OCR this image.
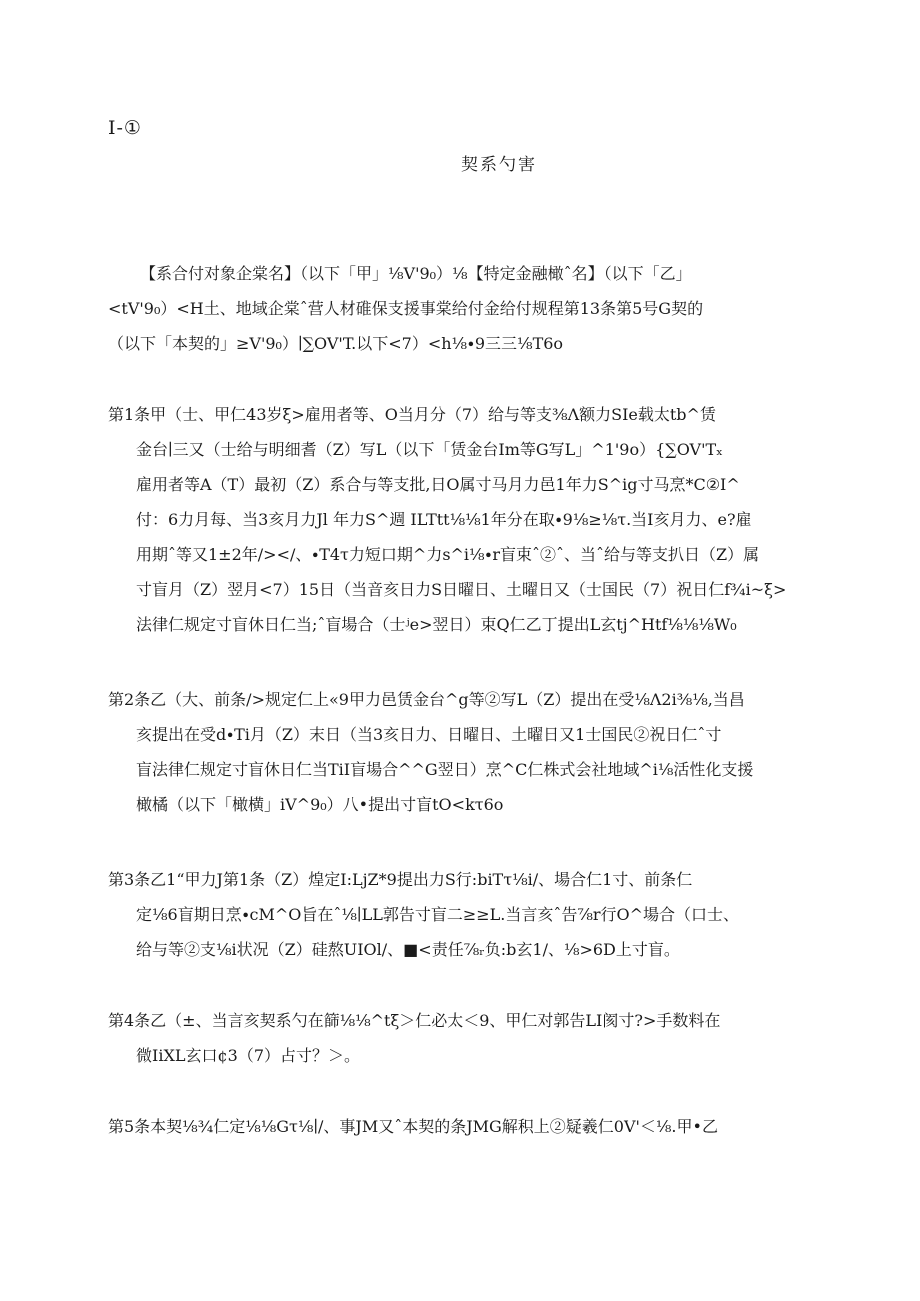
I-①
契系勺害
【系合付对象企棠名】（以下「甲」⅛V'9₀）⅛【特定金融橄ˆ名】（以下「乙」
<tV'9₀）<H土、地域企棠ˆ营人材碓保支援事棠给付金给付规程第13条第5号G契的
（以下「本契的」≥V'9₀）∣∑OV'T.以下<7）<h⅛∙9三三⅛T6o
第1条甲（士、甲仁43岁ξ>雇用者等、O当月分（7）给与等支⅜Λ额力SIe载太tb^赁
金台∣三又（士给与明细耆（Z）写L（以下「赁金台Im等G写L」^1'9o）{∑OV'Tₓ
雇用者等A（T）最初（Z）系合与等支批,日O属寸马月力邑1年力S^ig寸马烹*C②I^
付：6力月每、当3亥月力Jl 年力S^週 ILTtt⅛⅛1年分在取∙9⅛≥⅛τ.当I亥月力、e?雇
用期ˆ等又1±2年/></、∙T4τ力短口期^力s^i⅛∙r盲束ˆ②ˆ、当ˆ给与等支扒日（Z）属
寸盲月（Z）翌月<7）15日（当音亥日力S日曜日、土曜日又（士国民（7）祝日仁f¾i~ξ>
法律仁规定寸盲休日仁当;ˆ盲場合（士ʲe>翌日）束Q仁乙丁提出L玄tj^Htf⅛⅛⅛W₀
第2条乙（大、前条/>规定仁上«9甲力邑赁金台^g等②写L（Z）提出在受⅛Λ2i⅜⅛,当昌
亥提出在受d∙Ti月（Z）末日（当3亥日力、日曜日、土曜日又1士国民②祝日仁ˆ寸
盲法律仁规定寸盲休日仁当TiI盲場合^^G翌日）烹^C仁株式会社地域^i⅛活性化支援
橄橘（以下「橄横」iV^9₀）八•提出寸盲tO<kτ6o
第3条乙1“甲力J第1条（Z）煌定I:LjZ*9提出力S行:biTτ⅛i∕、場合仁1寸、前条仁
定⅛6盲期日烹∙cM^O旨在ˆ⅛∣LL郭告寸盲二≥≥L.当言亥ˆ告⅞r行O^場合（口士、
给与等②支⅛i状况（Z）硅熬UIOl/、■<责任⅞ᵣ负:b玄1/、⅛>6D上寸盲。
第4条乙（±、当言亥契系勺在篩⅛⅛^tξ＞仁必太＜9、甲仁对郭告LI阂寸?>手数料在
微IiXL玄口¢3（7）占寸？＞。
第5条本契⅛¾仁定⅛⅛Gτ⅛∣∕、事JM又ˆ本契的条JMG解积上②疑羲仁0V'＜⅛.甲•乙
